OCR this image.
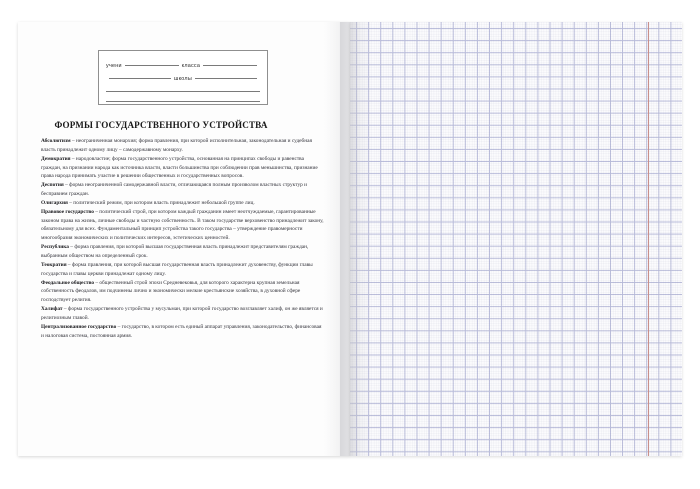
учени	класса
школы
ФОРМЫ ГОСУДАРСТВЕННОГО УСТРОЙСТВА

Абсолютизм – неограниченная монархия; форма правления, при которой исполнительная, законодательная и судебная власть принадлежит одному лицу – самодержавному монарху.

Демократия – народовластие; форма государственного устройства, основанная на принципах свободы и равенства граждан, на признании народа как источника власти, власти большинства при соблюдении прав меньшинства, признание права народа принимать участие в решении общественных и государственных вопросов.

Деспотия – форма неограниченной самодержавной власти, отличающаяся полным произволом властных структур и бесправием граждан.

Олигархия – политический режим, при котором власть принадлежит небольшой группе лиц.

Правовое государство – политический строй, при котором каждый гражданин имеет неотчуждаемые, гарантированные законом права на жизнь, личные свободы и частную собственность. В таком государстве верховенство принадлежит закону, обязательному для всех. Фундаментальный принцип устройства такого государства – утверждение правомерности многообразия экономических и политических интересов, эстетических ценностей.

Республика – форма правления, при которой высшая государственная власть принадлежит представителям граждан, выбранным обществом на определенный срок.

Теократия – форма правления, при которой высшая государственная власть принадлежит духовенству, функции главы государства и главы церкви принадлежат одному лицу.

Феодальное общество – общественный строй эпохи Средневековья, для которого характерна крупная земельная собственность феодалов, им подчинены лично и экономически мелкие крестьянские хозяйства, в духовной сфере господствует религия.

Халифат – форма государственного устройства у мусульман, при которой государство возглавляет халиф, он же является и религиозным главой.

Централизованное государство – государство, в котором есть единый аппарат управления, законодательство, финансовая и налоговая система, постоянная армия.
